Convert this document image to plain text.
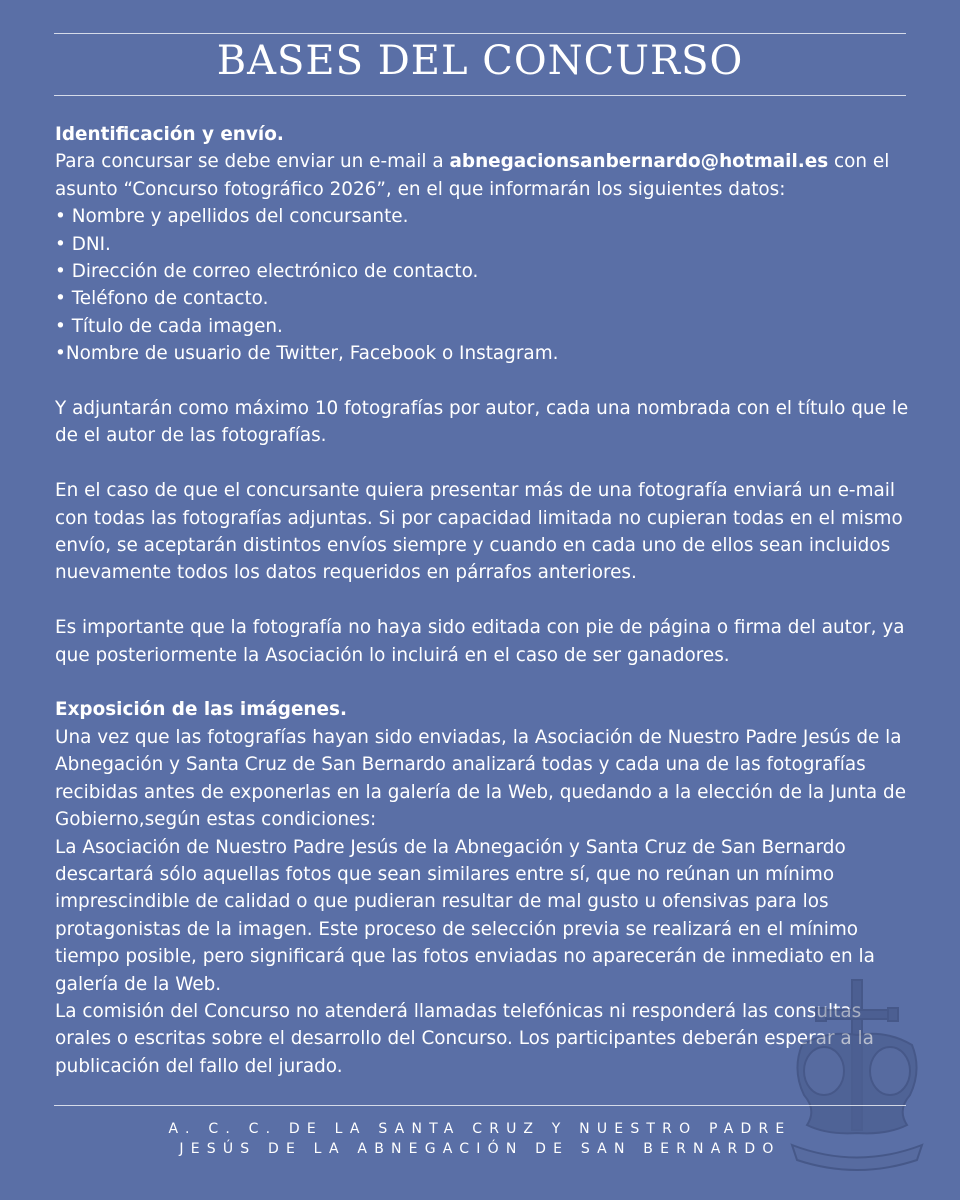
BASES DEL CONCURSO

Identificación y envío.

Para concursar se debe enviar un e-mail a abnegacionsanbernardo@hotmail.es con el asunto “Concurso fotográfico 2026”, en el que informarán los siguientes datos:

• Nombre y apellidos del concursante.

• DNI.

• Dirección de correo electrónico de contacto.

• Teléfono de contacto.

• Título de cada imagen.

•Nombre de usuario de Twitter, Facebook o Instagram.

Y adjuntarán como máximo 10 fotografías por autor, cada una nombrada con el título que le de el autor de las fotografías.

En el caso de que el concursante quiera presentar más de una fotografía enviará un e-mail con todas las fotografías adjuntas. Si por capacidad limitada no cupieran todas en el mismo envío, se aceptarán distintos envíos siempre y cuando en cada uno de ellos sean incluidos nuevamente todos los datos requeridos en párrafos anteriores.

Es importante que la fotografía no haya sido editada con pie de página o firma del autor, ya que posteriormente la Asociación lo incluirá en el caso de ser ganadores.

Exposición de las imágenes.

Una vez que las fotografías hayan sido enviadas, la Asociación de Nuestro Padre Jesús de la Abnegación y Santa Cruz de San Bernardo analizará todas y cada una de las fotografías recibidas antes de exponerlas en la galería de la Web, quedando a la elección de la Junta de Gobierno,según estas condiciones:

La Asociación de Nuestro Padre Jesús de la Abnegación y Santa Cruz de San Bernardo descartará sólo aquellas fotos que sean similares entre sí, que no reúnan un mínimo imprescindible de calidad o que pudieran resultar de mal gusto u ofensivas para los protagonistas de la imagen. Este proceso de selección previa se realizará en el mínimo tiempo posible, pero significará que las fotos enviadas no aparecerán de inmediato en la galería de la Web.

La comisión del Concurso no atenderá llamadas telefónicas ni responderá las consultas orales o escritas sobre el desarrollo del Concurso. Los participantes deberán esperar a la publicación del fallo del jurado.

A. C. C. DE LA SANTA CRUZ Y NUESTRO PADRE
JESÚS DE LA ABNEGACIÓN DE SAN BERNARDO
